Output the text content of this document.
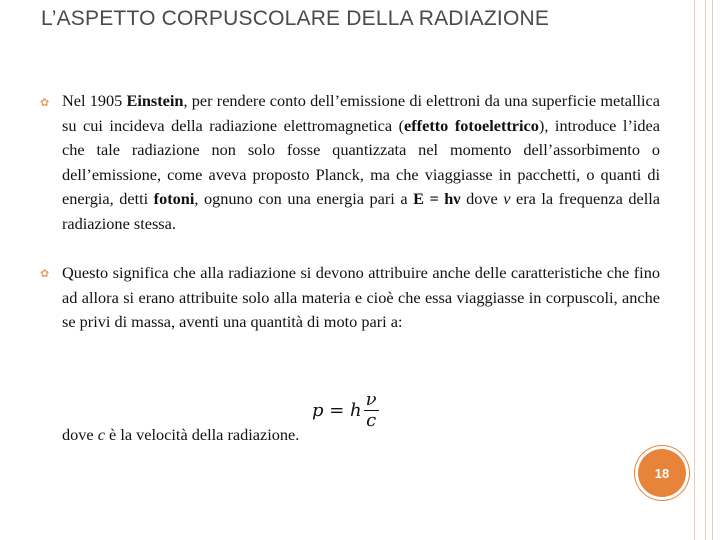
L’ASPETTO CORPUSCOLARE DELLA RADIAZIONE
✿ Nel 1905 Einstein, per rendere conto dell’emissione di elettroni da una superficie metallica su cui incideva della radiazione elettromagnetica (effetto fotoelettrico), introduce l’idea che tale radiazione non solo fosse quantizzata nel momento dell’assorbimento o dell’emissione, come aveva proposto Planck, ma che viaggiasse in pacchetti, o quanti di energia, detti fotoni, ognuno con una energia pari a E = hν dove ν era la frequenza della radiazione stessa.

✿ Questo significa che alla radiazione si devono attribuire anche delle caratteristiche che fino ad allora si erano attribuite solo alla materia e cioè che essa viaggiasse in corpuscoli, anche se privi di massa, aventi una quantità di moto pari a:

p = h $\frac{\nu}{c}$
dove c è la velocità della radiazione.
18
